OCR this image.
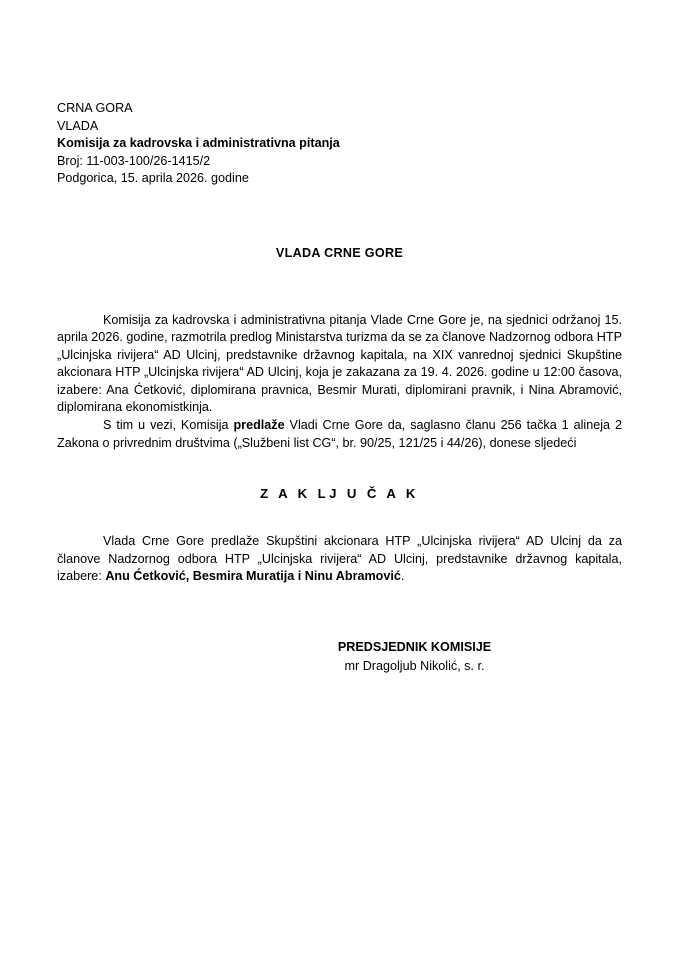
CRNA GORA
VLADA
Komisija za kadrovska i administrativna pitanja
Broj: 11-003-100/26-1415/2
Podgorica, 15. aprila 2026. godine
VLADA CRNE GORE

Komisija za kadrovska i administrativna pitanja Vlade Crne Gore je, na sjednici održanoj 15. aprila 2026. godine, razmotrila predlog Ministarstva turizma da se za članove Nadzornog odbora HTP „Ulcinjska rivijera“ AD Ulcinj, predstavnike državnog kapitala, na XIX vanrednoj sjednici Skupštine akcionara HTP „Ulcinjska rivijera“ AD Ulcinj, koja je zakazana za 19. 4. 2026. godine u 12:00 časova, izabere: Ana Ćetković, diplomirana pravnica, Besmir Murati, diplomirani pravnik, i Nina Abramović, diplomirana ekonomistkinja.

S tim u vezi, Komisija predlaže Vladi Crne Gore da, saglasno članu 256 tačka 1 alineja 2 Zakona o privrednim društvima („Službeni list CG“, br. 90/25, 121/25 i 44/26), donese sljedeći

Z A K LJ U Č A K

Vlada Crne Gore predlaže Skupštini akcionara HTP „Ulcinjska rivijera“ AD Ulcinj da za članove Nadzornog odbora HTP „Ulcinjska rivijera“ AD Ulcinj, predstavnike državnog kapitala, izabere: Anu Ćetković, Besmira Muratija i Ninu Abramović.

PREDSJEDNIK KOMISIJE
mr Dragoljub Nikolić, s. r.
